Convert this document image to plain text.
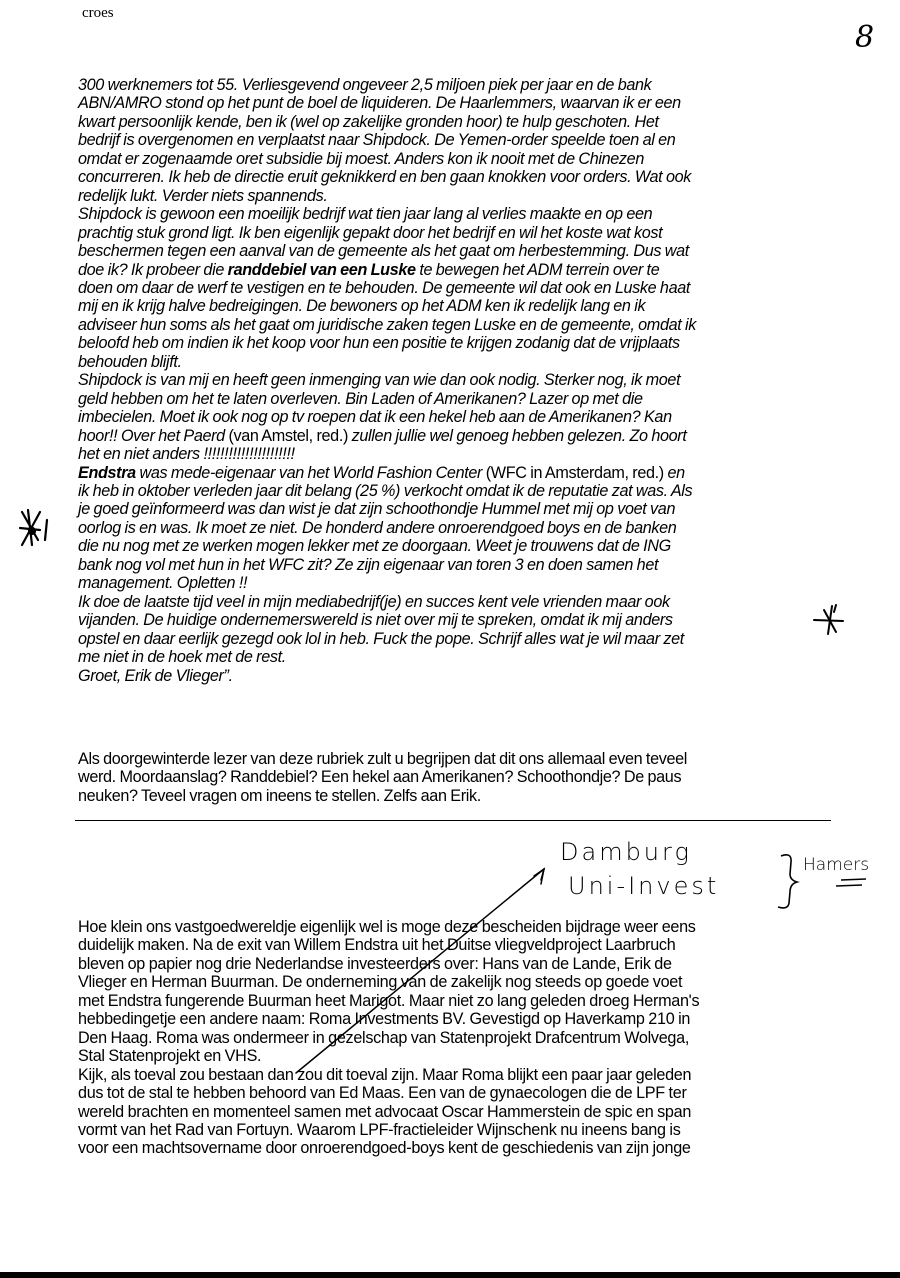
croes
8
300 werknemers tot 55. Verliesgevend ongeveer 2,5 miljoen piek per jaar en de bank
ABN/AMRO stond op het punt de boel de liquideren. De Haarlemmers, waarvan ik er een
kwart persoonlijk kende, ben ik (wel op zakelijke gronden hoor) te hulp geschoten. Het
bedrijf is overgenomen en verplaatst naar Shipdock. De Yemen-order speelde toen al en
omdat er zogenaamde oret subsidie bij moest. Anders kon ik nooit met de Chinezen
concurreren. Ik heb de directie eruit geknikkerd en ben gaan knokken voor orders. Wat ook
redelijk lukt. Verder niets spannends.
Shipdock is gewoon een moeilijk bedrijf wat tien jaar lang al verlies maakte en op een
prachtig stuk grond ligt. Ik ben eigenlijk gepakt door het bedrijf en wil het koste wat kost
beschermen tegen een aanval van de gemeente als het gaat om herbestemming. Dus wat
doe ik? Ik probeer die randdebiel van een Luske te bewegen het ADM terrein over te
doen om daar de werf te vestigen en te behouden. De gemeente wil dat ook en Luske haat
mij en ik krijg halve bedreigingen. De bewoners op het ADM ken ik redelijk lang en ik
adviseer hun soms als het gaat om juridische zaken tegen Luske en de gemeente, omdat ik
beloofd heb om indien ik het koop voor hun een positie te krijgen zodanig dat de vrijplaats
behouden blijft.
Shipdock is van mij en heeft geen inmenging van wie dan ook nodig. Sterker nog, ik moet
geld hebben om het te laten overleven. Bin Laden of Amerikanen? Lazer op met die
imbecielen. Moet ik ook nog op tv roepen dat ik een hekel heb aan de Amerikanen? Kan
hoor!! Over het Paerd (van Amstel, red.) zullen jullie wel genoeg hebben gelezen. Zo hoort
het en niet anders !!!!!!!!!!!!!!!!!!!!!!
Endstra was mede-eigenaar van het World Fashion Center (WFC in Amsterdam, red.) en
ik heb in oktober verleden jaar dit belang (25 %) verkocht omdat ik de reputatie zat was. Als
je goed geïnformeerd was dan wist je dat zijn schoothondje Hummel met mij op voet van
oorlog is en was. Ik moet ze niet. De honderd andere onroerendgoed boys en de banken
die nu nog met ze werken mogen lekker met ze doorgaan. Weet je trouwens dat de ING
bank nog vol met hun in het WFC zit? Ze zijn eigenaar van toren 3 en doen samen het
management. Opletten !!
Ik doe de laatste tijd veel in mijn mediabedrijf(je) en succes kent vele vrienden maar ook
vijanden. De huidige ondernemerswereld is niet over mij te spreken, omdat ik mij anders
opstel en daar eerlijk gezegd ook lol in heb. Fuck the pope. Schrijf alles wat je wil maar zet
me niet in de hoek met de rest.
Groet, Erik de Vlieger”.
Als doorgewinterde lezer van deze rubriek zult u begrijpen dat dit ons allemaal even teveel
werd. Moordaanslag? Randdebiel? Een hekel aan Amerikanen? Schoothondje? De paus
neuken? Teveel vragen om ineens te stellen. Zelfs aan Erik.
Hoe klein ons vastgoedwereldje eigenlijk wel is moge deze bescheiden bijdrage weer eens
duidelijk maken. Na de exit van Willem Endstra uit het Duitse vliegveldproject Laarbruch
bleven op papier nog drie Nederlandse investeerders over: Hans van de Lande, Erik de
Vlieger en Herman Buurman. De onderneming van de zakelijk nog steeds op goede voet
met Endstra fungerende Buurman heet Marigot. Maar niet zo lang geleden droeg Herman's
hebbedingetje een andere naam: Roma Investments BV. Gevestigd op Haverkamp 210 in
Den Haag. Roma was ondermeer in gezelschap van Statenprojekt Drafcentrum Wolvega,
Stal Statenprojekt en VHS.
Kijk, als toeval zou bestaan dan zou dit toeval zijn. Maar Roma blijkt een paar jaar geleden
dus tot de stal te hebben behoord van Ed Maas. Een van de gynaecologen die de LPF ter
wereld brachten en momenteel samen met advocaat Oscar Hammerstein de spic en span
vormt van het Rad van Fortuyn. Waarom LPF-fractieleider Wijnschenk nu ineens bang is
voor een machtsovername door onroerendgoed-boys kent de geschiedenis van zijn jonge
Damburg
Uni-Invest
Hamers
